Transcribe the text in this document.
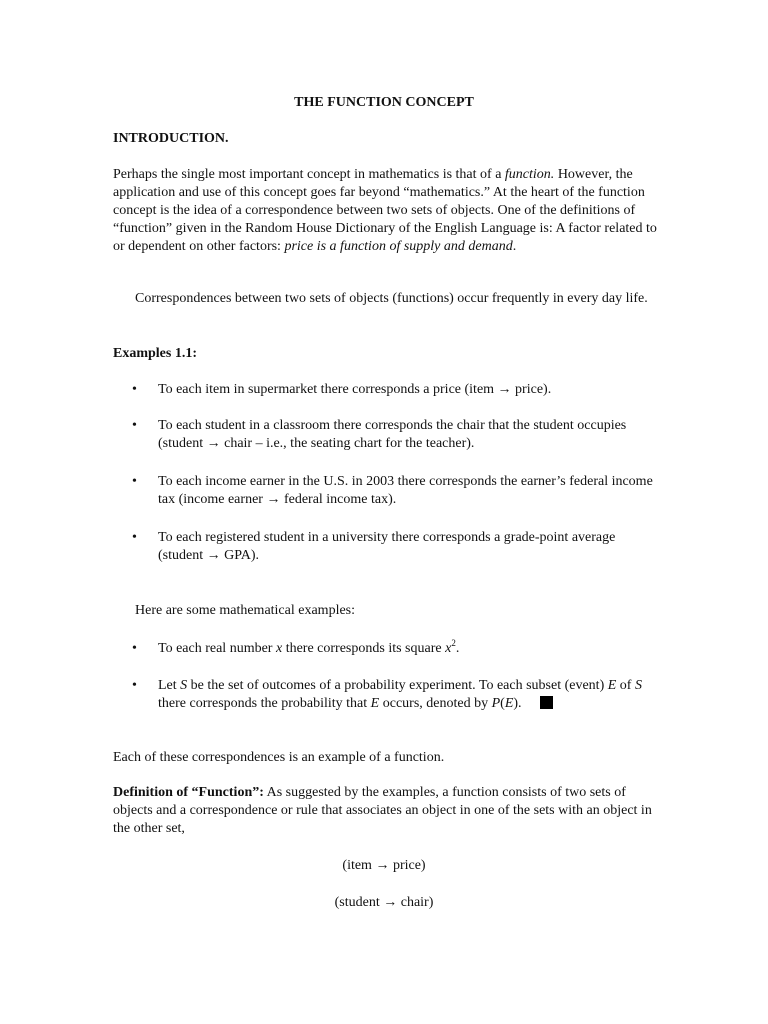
THE FUNCTION CONCEPT

INTRODUCTION.

Perhaps the single most important concept in mathematics is that of a function. However, the application and use of this concept goes far beyond “mathematics.” At the heart of the function concept is the idea of a correspondence between two sets of objects. One of the definitions of “function” given in the Random House Dictionary of the English Language is: A factor related to or dependent on other factors: price is a function of supply and demand.

Correspondences between two sets of objects (functions) occur frequently in every day life.

Examples 1.1:

• To each item in supermarket there corresponds a price (item → price).
• To each student in a classroom there corresponds the chair that the student occupies (student → chair – i.e., the seating chart for the teacher).
• To each income earner in the U.S. in 2003 there corresponds the earner’s federal income tax (income earner → federal income tax).
• To each registered student in a university there corresponds a grade-point average (student → GPA).

Here are some mathematical examples:

• To each real number x there corresponds its square $x^2$.
• Let S be the set of outcomes of a probability experiment. To each subset (event) E of S there corresponds the probability that E occurs, denoted by P(E).

Each of these correspondences is an example of a function.

Definition of “Function”: As suggested by the examples, a function consists of two sets of objects and a correspondence or rule that associates an object in one of the sets with an object in the other set,

(item → price)

(student → chair)
